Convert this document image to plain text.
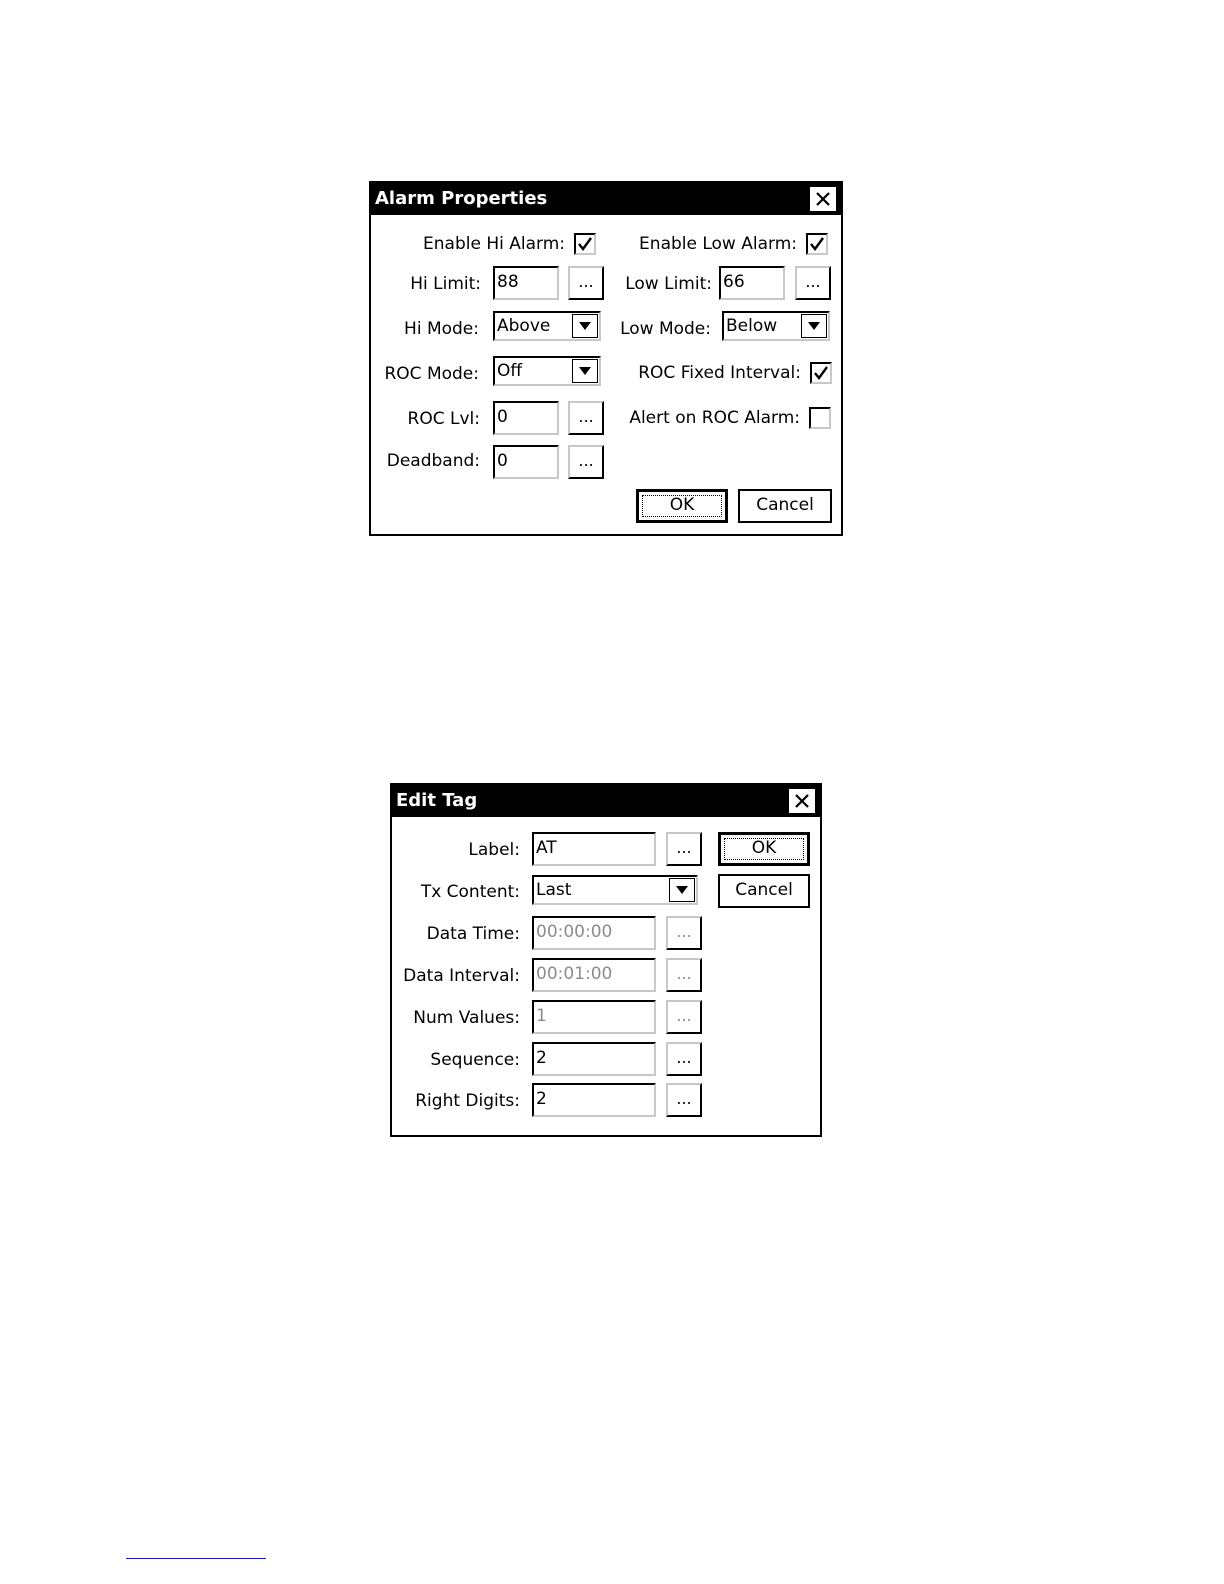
Alarm Properties
Enable Hi Alarm:	Enable Low Alarm:
Hi Limit: 88	...	Low Limit: 66	...
Hi Mode: Above	Low Mode: Below
ROC Mode: Off	ROC Fixed Interval:
ROC Lvl: 0	...	Alert on ROC Alarm:
Deadband: 0	...
OK	Cancel
Edit Tag
Label: AT	...
Tx Content: Last
Data Time: 00:00:00	...
Data Interval: 00:01:00	...
Num Values: 1	...
Sequence: 2	...
Right Digits: 2	...
OK
Cancel
